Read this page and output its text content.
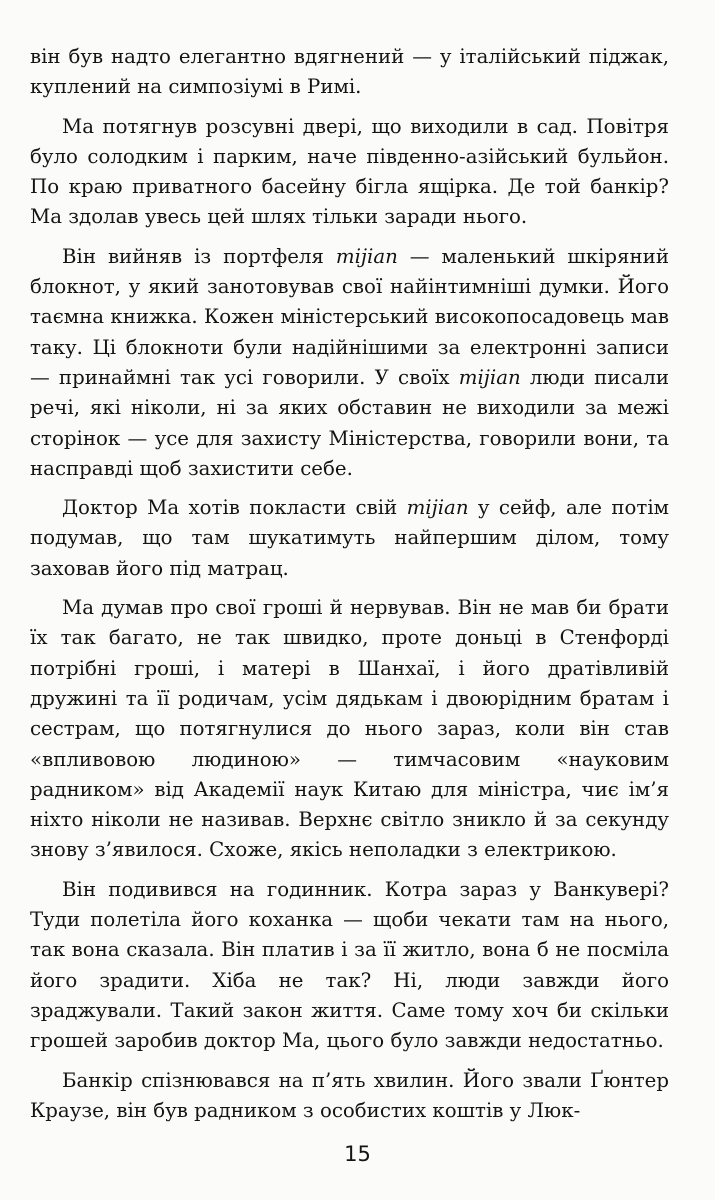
він був надто елегантно вдягнений — у італійський піджак, куплений на симпозіумі в Римі.

Ма потягнув розсувні двері, що виходили в сад. Повітря було солодким і парким, наче південно-азійський бульйон. По краю приватного басейну бігла ящірка. Де той банкір? Ма здолав увесь цей шлях тільки заради нього.

Він вийняв із портфеля mijian — маленький шкіряний блокнот, у який занотовував свої найінтимніші думки. Його таємна книжка. Кожен міністерський високопосадовець мав таку. Ці блокноти були надійнішими за електронні записи — принаймні так усі говорили. У своїх mijian люди писали речі, які ніколи, ні за яких обставин не виходили за межі сторінок — усе для захисту Міністерства, говорили вони, та насправді щоб захистити себе.

Доктор Ма хотів покласти свій mijian у сейф, але потім подумав, що там шукатимуть найпершим ділом, тому заховав його під матрац.

Ма думав про свої гроші й нервував. Він не мав би брати їх так багато, не так швидко, проте доньці в Стенфорді потрібні гроші, і матері в Шанхаї, і його дратівливій дружині та її родичам, усім дядькам і двоюрідним братам і сестрам, що потягнулися до нього зараз, коли він став «впливовою людиною» — тимчасовим «науковим радником» від Академії наук Китаю для міністра, чиє ім’я ніхто ніколи не називав. Верхнє світло зникло й за секунду знову з’явилося. Схоже, якісь неполадки з електрикою.

Він подивився на годинник. Котра зараз у Ванкувері? Туди полетіла його коханка — щоби чекати там на нього, так вона сказала. Він платив і за її житло, вона б не посміла його зрадити. Хіба не так? Ні, люди завжди його зраджували. Такий закон життя. Саме тому хоч би скільки грошей заробив доктор Ма, цього було завжди недостатньо.

Банкір спізнювався на п’ять хвилин. Його звали Ґюнтер Краузе, він був радником з особистих коштів у Люк-

15
